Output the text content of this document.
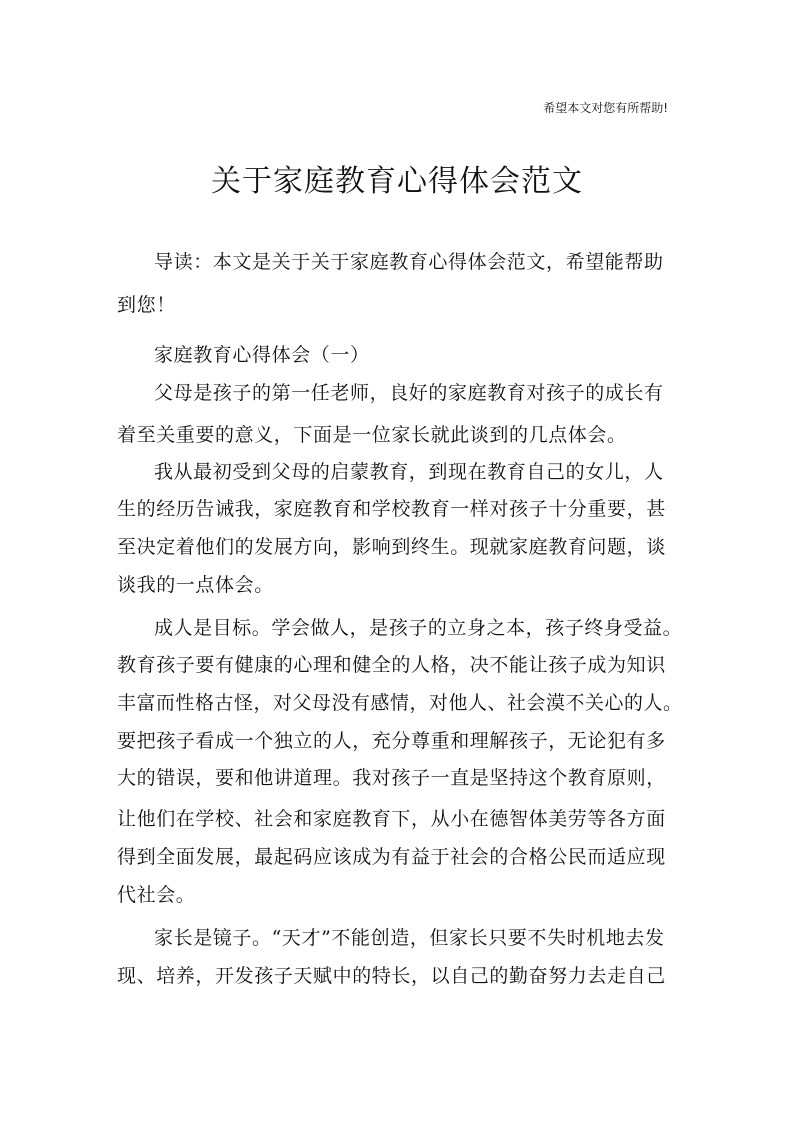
希望本文对您有所帮助!
关于家庭教育心得体会范文
导读：本文是关于关于家庭教育心得体会范文，希望能帮助
到您！
家庭教育心得体会（一）
父母是孩子的第一任老师，良好的家庭教育对孩子的成长有
着至关重要的意义，下面是一位家长就此谈到的几点体会。
我从最初受到父母的启蒙教育，到现在教育自己的女儿，人
生的经历告诫我，家庭教育和学校教育一样对孩子十分重要，甚
至决定着他们的发展方向，影响到终生。现就家庭教育问题，谈
谈我的一点体会。
成人是目标。学会做人，是孩子的立身之本，孩子终身受益。
教育孩子要有健康的心理和健全的人格，决不能让孩子成为知识
丰富而性格古怪，对父母没有感情，对他人、社会漠不关心的人。
要把孩子看成一个独立的人，充分尊重和理解孩子，无论犯有多
大的错误，要和他讲道理。我对孩子一直是坚持这个教育原则，
让他们在学校、社会和家庭教育下，从小在德智体美劳等各方面
得到全面发展，最起码应该成为有益于社会的合格公民而适应现
代社会。
家长是镜子。“天才”不能创造，但家长只要不失时机地去发
现、培养，开发孩子天赋中的特长，以自己的勤奋努力去走自己
